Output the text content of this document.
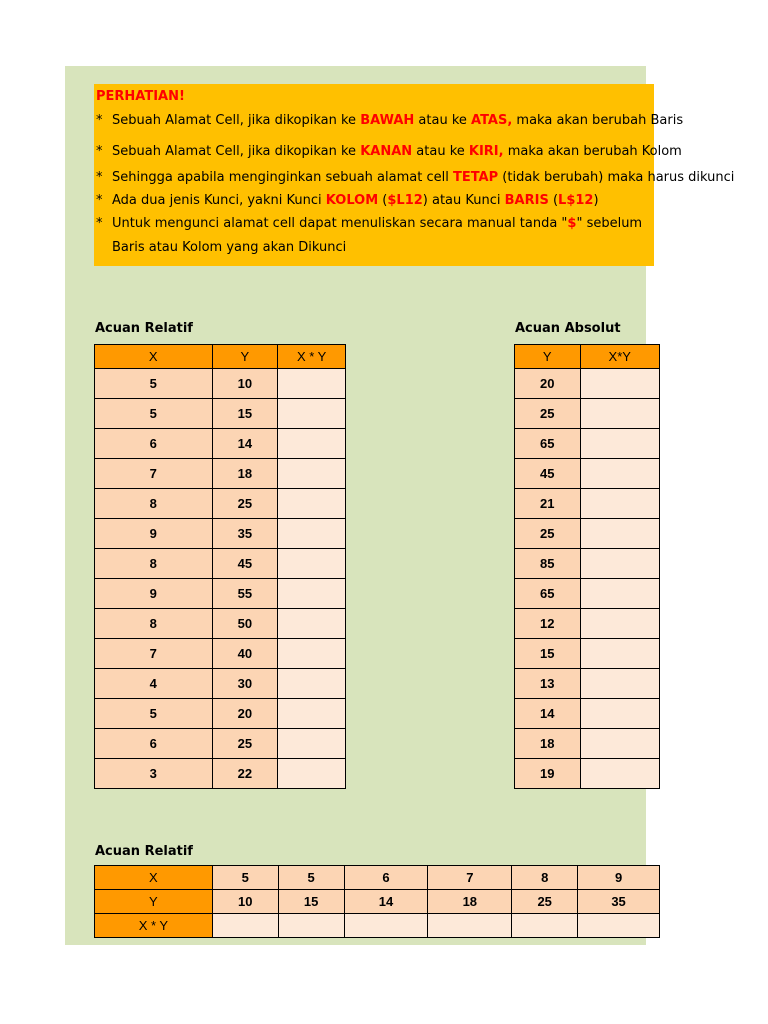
PERHATIAN!
* Sebuah Alamat Cell, jika dikopikan ke BAWAH atau ke ATAS, maka akan berubah Baris
* Sebuah Alamat Cell, jika dikopikan ke KANAN atau ke KIRI, maka akan berubah Kolom
* Sehingga apabila menginginkan sebuah alamat cell TETAP (tidak berubah) maka harus dikunci
* Ada dua jenis Kunci, yakni Kunci KOLOM ($L12) atau Kunci BARIS (L$12)
* Untuk mengunci alamat cell dapat menuliskan secara manual tanda "$" sebelum
Baris atau Kolom yang akan Dikunci
Acuan Relatif	Acuan Absolut
X	Y	X * Y
5	10	
5	15	
6	14	
7	18	
8	25	
9	35	
8	45	
9	55	
8	50	
7	40	
4	30	
5	20	
6	25	
3	22	
Y	X*Y
20	
25	
65	
45	
21	
25	
85	
65	
12	
15	
13	
14	
18	
19	
Acuan Relatif
X	5	5	6	7	8	9
Y	10	15	14	18	25	35
X * Y						
